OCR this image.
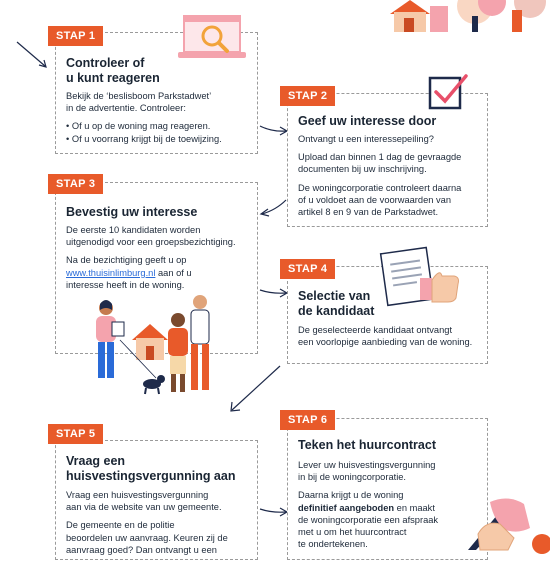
STAP 1
Controleer of
u kunt reageren

Bekijk de ‘beslisboom Parkstadwet’
in de advertentie. Controleer:

• Of u op de woning mag reageren.

• Of u voorrang krijgt bij de toewijzing.

STAP 2
Geef uw interesse door

Ontvangt u een interessepeiling?

Upload dan binnen 1 dag de gevraagde
documenten bij uw inschrijving.

De woningcorporatie controleert daarna
of u voldoet aan de voorwaarden van
artikel 8 en 9 van de Parkstadwet.

STAP 3
Bevestig uw interesse

De eerste 10 kandidaten worden
uitgenodigd voor een groepsbezichtiging.

Na de bezichtiging geeft u op
www.thuisinlimburg.nl aan of u
interesse heeft in de woning.

STAP 4
Selectie van
de kandidaat

De geselecteerde kandidaat ontvangt
een voorlopige aanbieding van de woning.

STAP 5
Vraag een
huisvestingsvergunning aan

Vraag een huisvestingsvergunning
aan via de website van uw gemeente.

De gemeente en de politie
beoordelen uw aanvraag. Keuren zij de
aanvraag goed? Dan ontvangt u een

STAP 6
Teken het huurcontract

Lever uw huisvestingsvergunning
in bij de woningcorporatie.

Daarna krijgt u de woning
definitief aangeboden en maakt
de woningcorporatie een afspraak
met u om het huurcontract
te ondertekenen.
